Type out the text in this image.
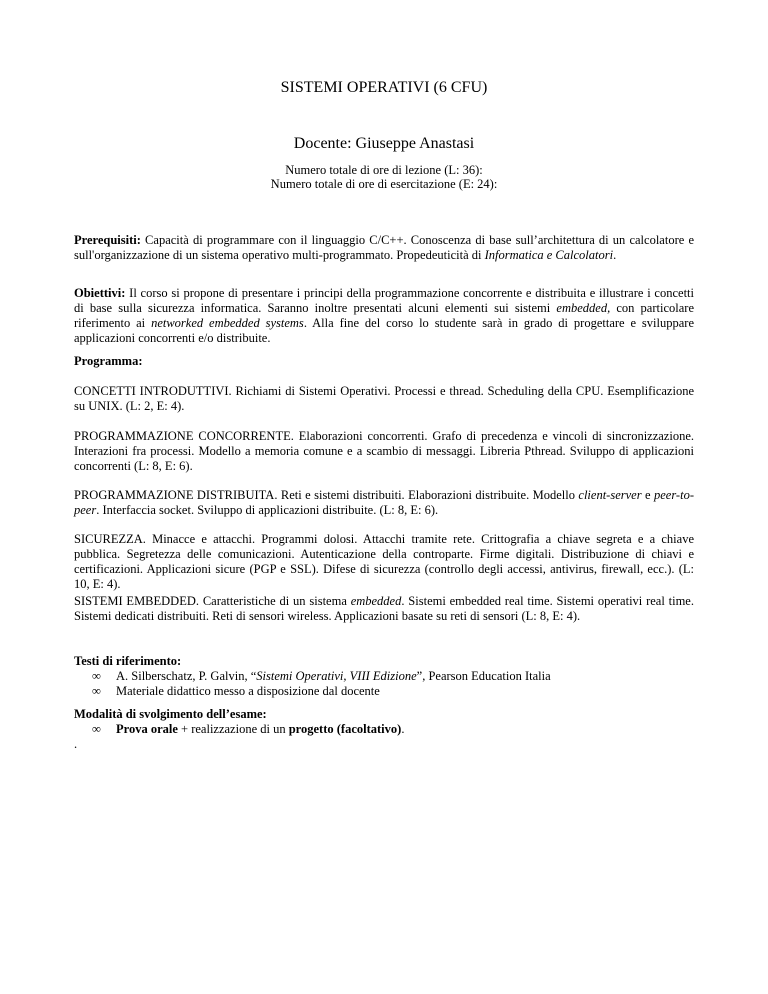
SISTEMI OPERATIVI (6 CFU)
Docente: Giuseppe Anastasi
Numero totale di ore di lezione (L: 36):
Numero totale di ore di esercitazione (E: 24):

Prerequisiti: Capacità di programmare con il linguaggio C/C++. Conoscenza di base sull’architettura di un calcolatore e sull'organizzazione di un sistema operativo multi-programmato. Propedeuticità di Informatica e Calcolatori.

Obiettivi: Il corso si propone di presentare i principi della programmazione concorrente e distribuita e illustrare i concetti di base sulla sicurezza informatica. Saranno inoltre presentati alcuni elementi sui sistemi embedded, con particolare riferimento ai networked embedded systems. Alla fine del corso lo studente sarà in grado di progettare e sviluppare applicazioni concorrenti e/o distribuite.

Programma:

CONCETTI INTRODUTTIVI. Richiami di Sistemi Operativi. Processi e thread. Scheduling della CPU. Esemplificazione su UNIX. (L: 2, E: 4).

PROGRAMMAZIONE CONCORRENTE. Elaborazioni concorrenti. Grafo di precedenza e vincoli di sincronizzazione. Interazioni fra processi. Modello a memoria comune e a scambio di messaggi. Libreria Pthread. Sviluppo di applicazioni concorrenti (L: 8, E: 6).

PROGRAMMAZIONE DISTRIBUITA. Reti e sistemi distribuiti. Elaborazioni distribuite. Modello client-server e peer-to-peer. Interfaccia socket. Sviluppo di applicazioni distribuite. (L: 8, E: 6).

SICUREZZA. Minacce e attacchi. Programmi dolosi. Attacchi tramite rete. Crittografia a chiave segreta e a chiave pubblica. Segretezza delle comunicazioni. Autenticazione della controparte. Firme digitali. Distribuzione di chiavi e certificazioni. Applicazioni sicure (PGP e SSL). Difese di sicurezza (controllo degli accessi, antivirus, firewall, ecc.). (L: 10, E: 4).

SISTEMI EMBEDDED. Caratteristiche di un sistema embedded. Sistemi embedded real time. Sistemi operativi real time. Sistemi dedicati distribuiti. Reti di sensori wireless. Applicazioni basate su reti di sensori (L: 8, E: 4).

Testi di riferimento:

∞ A. Silberschatz, P. Galvin, “Sistemi Operativi, VIII Edizione”, Pearson Education Italia
∞ Materiale didattico messo a disposizione dal docente

Modalità di svolgimento dell’esame:

∞ Prova orale + realizzazione di un progetto (facoltativo).

.
